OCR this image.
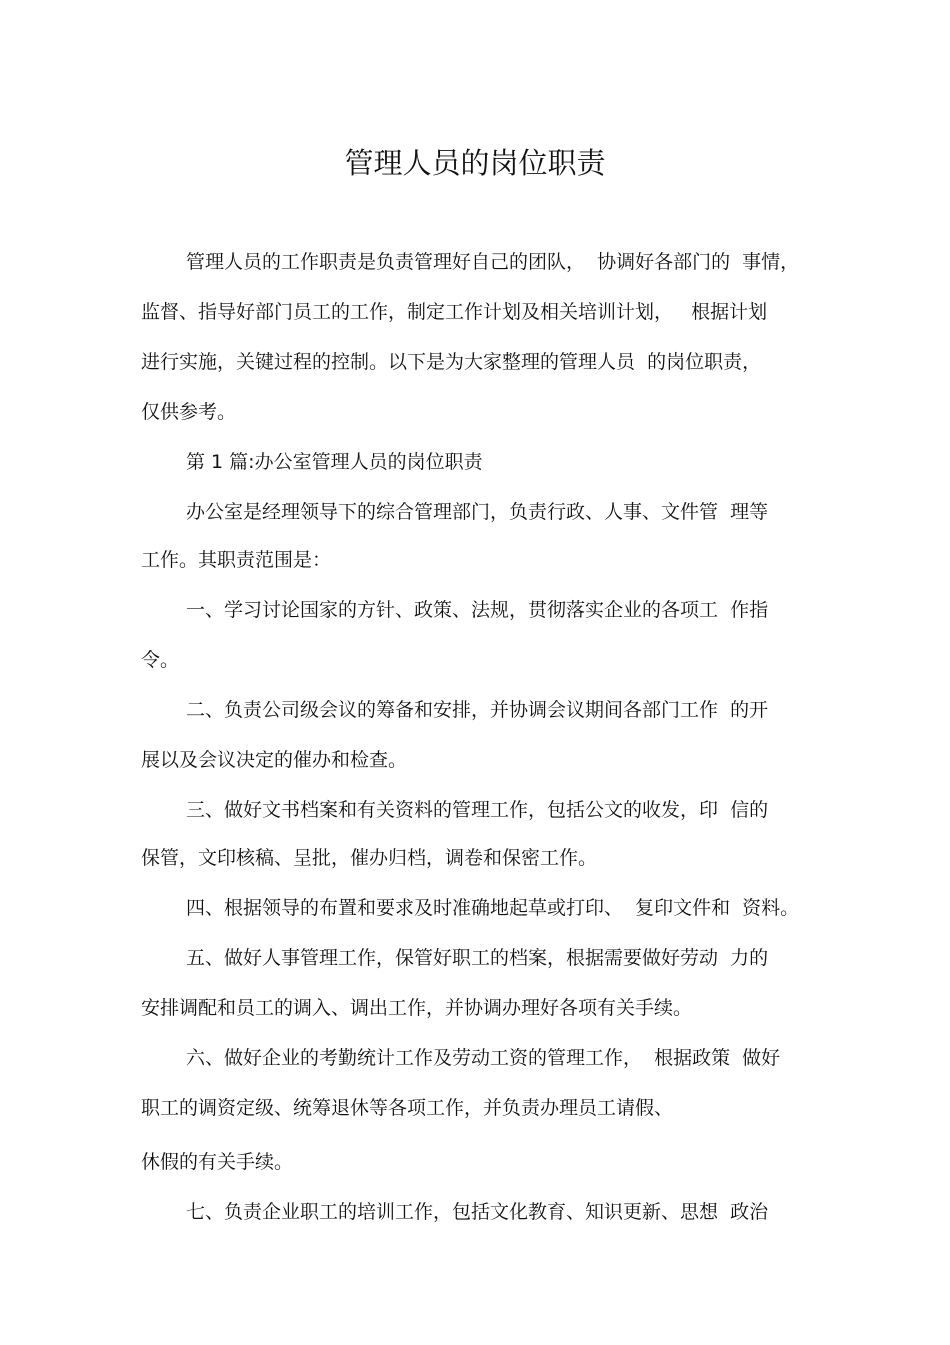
管理人员的岗位职责
管理人员的工作职责是负责管理好自己的团队，  协调好各部门的  事情，
监督、指导好部门员工的工作，制定工作计划及相关培训计划，   根据计划
进行实施，关键过程的控制。以下是为大家整理的管理人员  的岗位职责，
仅供参考。
第 1 篇:办公室管理人员的岗位职责
办公室是经理领导下的综合管理部门，负责行政、人事、文件管  理等
工作。其职责范围是：
一、学习讨论国家的方针、政策、法规，贯彻落实企业的各项工  作指
令。
二、负责公司级会议的筹备和安排，并协调会议期间各部门工作  的开
展以及会议决定的催办和检查。
三、做好文书档案和有关资料的管理工作，包括公文的收发，印  信的
保管，文印核稿、呈批，催办归档，调卷和保密工作。
四、根据领导的布置和要求及时准确地起草或打印、  复印文件和  资料。
五、做好人事管理工作，保管好职工的档案，根据需要做好劳动  力的
安排调配和员工的调入、调出工作，并协调办理好各项有关手续。
六、做好企业的考勤统计工作及劳动工资的管理工作，  根据政策  做好
职工的调资定级、统筹退休等各项工作，并负责办理员工请假、
休假的有关手续。
七、负责企业职工的培训工作，包括文化教育、知识更新、思想  政治
